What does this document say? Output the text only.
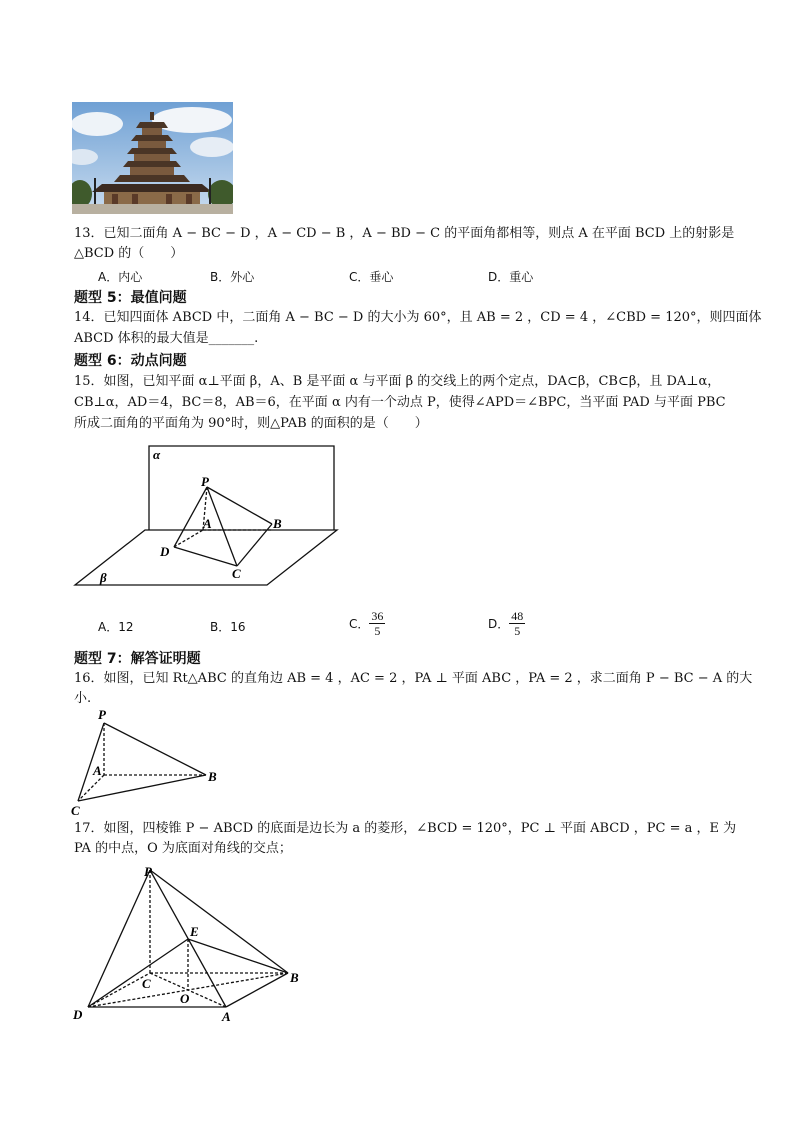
13．已知二面角 A − BC − D ，A − CD − B ，A − BD − C 的平面角都相等，则点 A 在平面 BCD 上的射影是
△BCD 的（　　）
A．内心	B．外心	C．垂心	D．重心
题型 5：最值问题
14．已知四面体 ABCD 中，二面角 A − BC − D 的大小为 60°，且 AB = 2 ，CD = 4 ，∠CBD = 120°，则四面体
ABCD 体积的最大值是_______.
题型 6：动点问题
15．如图，已知平面 α⊥平面 β，A、B 是平面 α 与平面 β 的交线上的两个定点，DA⊂β，CB⊂β，且 DA⊥α，
CB⊥α，AD＝4，BC＝8，AB＝6，在平面 α 内有一个动点 P，使得∠APD＝∠BPC，当平面 PAD 与平面 PBC
所成二面角的平面角为 90°时，则△PAB 的面积的是（　　）
α
β
P
A	B
C
D
A．12	B．16	C． $\frac{36}{5}$	D． $\frac{48}{5}$
题型 7：解答证明题
16．如图，已知 Rt△ABC 的直角边 AB = 4 ，AC = 2 ，PA ⊥ 平面 ABC ，PA = 2 ，求二面角 P − BC − A 的大
小.
P
A	B
C
17．如图，四棱锥 P − ABCD 的底面是边长为 a 的菱形，∠BCD = 120°，PC ⊥ 平面 ABCD ，PC = a ，E 为
PA 的中点，O 为底面对角线的交点；
P
E
B
C
O
D	A
